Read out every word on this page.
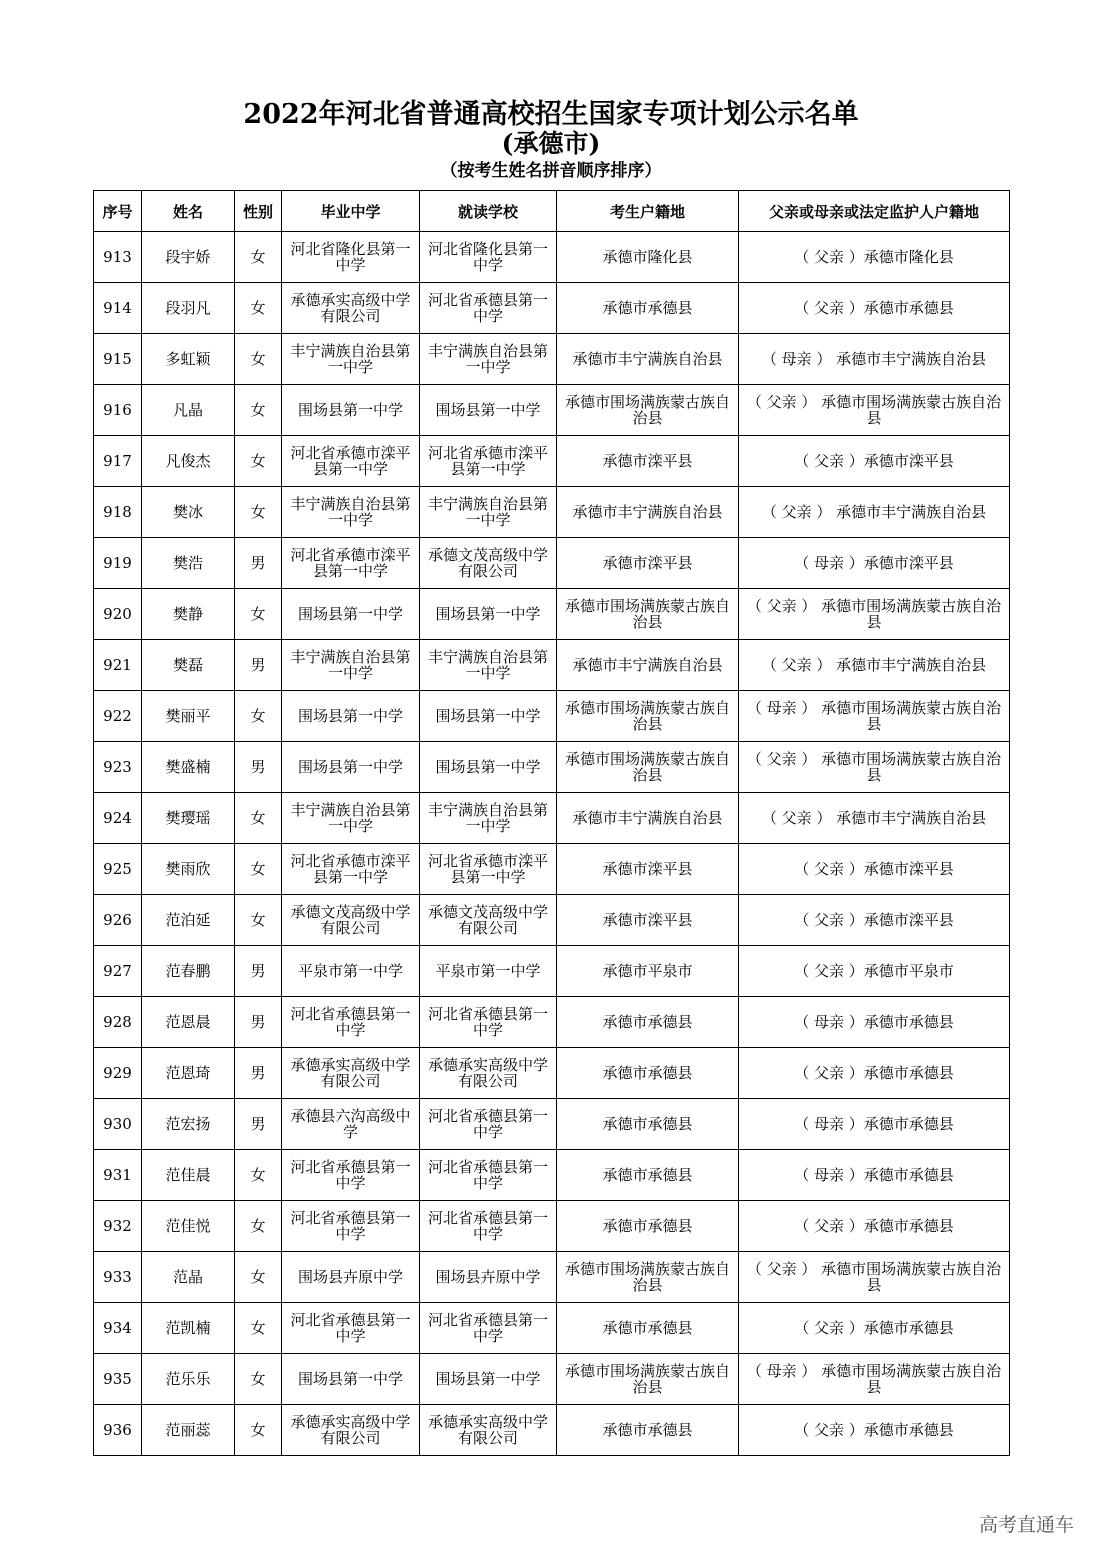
2022年河北省普通高校招生国家专项计划公示名单
(承德市)
（按考生姓名拼音顺序排序）
序号	姓名	性别	毕业中学	就读学校	考生户籍地	父亲或母亲或法定监护人户籍地
913	段宇娇	女	河北省隆化县第一中学	河北省隆化县第一中学	承德市隆化县	（ 父亲 ）承德市隆化县
914	段羽凡	女	承德承实高级中学有限公司	河北省承德县第一中学	承德市承德县	（ 父亲 ）承德市承德县
915	多虹颖	女	丰宁满族自治县第一中学	丰宁满族自治县第一中学	承德市丰宁满族自治县	（ 母亲 ） 承德市丰宁满族自治县
916	凡晶	女	围场县第一中学	围场县第一中学	承德市围场满族蒙古族自治县	（ 父亲 ） 承德市围场满族蒙古族自治县
917	凡俊杰	女	河北省承德市滦平县第一中学	河北省承德市滦平县第一中学	承德市滦平县	（ 父亲 ）承德市滦平县
918	樊冰	女	丰宁满族自治县第一中学	丰宁满族自治县第一中学	承德市丰宁满族自治县	（ 父亲 ） 承德市丰宁满族自治县
919	樊浩	男	河北省承德市滦平县第一中学	承德文茂高级中学有限公司	承德市滦平县	（ 母亲 ）承德市滦平县
920	樊静	女	围场县第一中学	围场县第一中学	承德市围场满族蒙古族自治县	（ 父亲 ） 承德市围场满族蒙古族自治县
921	樊磊	男	丰宁满族自治县第一中学	丰宁满族自治县第一中学	承德市丰宁满族自治县	（ 父亲 ） 承德市丰宁满族自治县
922	樊丽平	女	围场县第一中学	围场县第一中学	承德市围场满族蒙古族自治县	（ 母亲 ） 承德市围场满族蒙古族自治县
923	樊盛楠	男	围场县第一中学	围场县第一中学	承德市围场满族蒙古族自治县	（ 父亲 ） 承德市围场满族蒙古族自治县
924	樊璎瑶	女	丰宁满族自治县第一中学	丰宁满族自治县第一中学	承德市丰宁满族自治县	（ 父亲 ） 承德市丰宁满族自治县
925	樊雨欣	女	河北省承德市滦平县第一中学	河北省承德市滦平县第一中学	承德市滦平县	（ 父亲 ）承德市滦平县
926	范泊延	女	承德文茂高级中学有限公司	承德文茂高级中学有限公司	承德市滦平县	（ 父亲 ）承德市滦平县
927	范春鹏	男	平泉市第一中学	平泉市第一中学	承德市平泉市	（ 父亲 ）承德市平泉市
928	范恩晨	男	河北省承德县第一中学	河北省承德县第一中学	承德市承德县	（ 母亲 ）承德市承德县
929	范恩琦	男	承德承实高级中学有限公司	承德承实高级中学有限公司	承德市承德县	（ 父亲 ）承德市承德县
930	范宏扬	男	承德县六沟高级中学	河北省承德县第一中学	承德市承德县	（ 母亲 ）承德市承德县
931	范佳晨	女	河北省承德县第一中学	河北省承德县第一中学	承德市承德县	（ 母亲 ）承德市承德县
932	范佳悦	女	河北省承德县第一中学	河北省承德县第一中学	承德市承德县	（ 父亲 ）承德市承德县
933	范晶	女	围场县卉原中学	围场县卉原中学	承德市围场满族蒙古族自治县	（ 父亲 ） 承德市围场满族蒙古族自治县
934	范凯楠	女	河北省承德县第一中学	河北省承德县第一中学	承德市承德县	（ 父亲 ）承德市承德县
935	范乐乐	女	围场县第一中学	围场县第一中学	承德市围场满族蒙古族自治县	（ 母亲 ） 承德市围场满族蒙古族自治县
936	范丽蕊	女	承德承实高级中学有限公司	承德承实高级中学有限公司	承德市承德县	（ 父亲 ）承德市承德县
高考直通车
